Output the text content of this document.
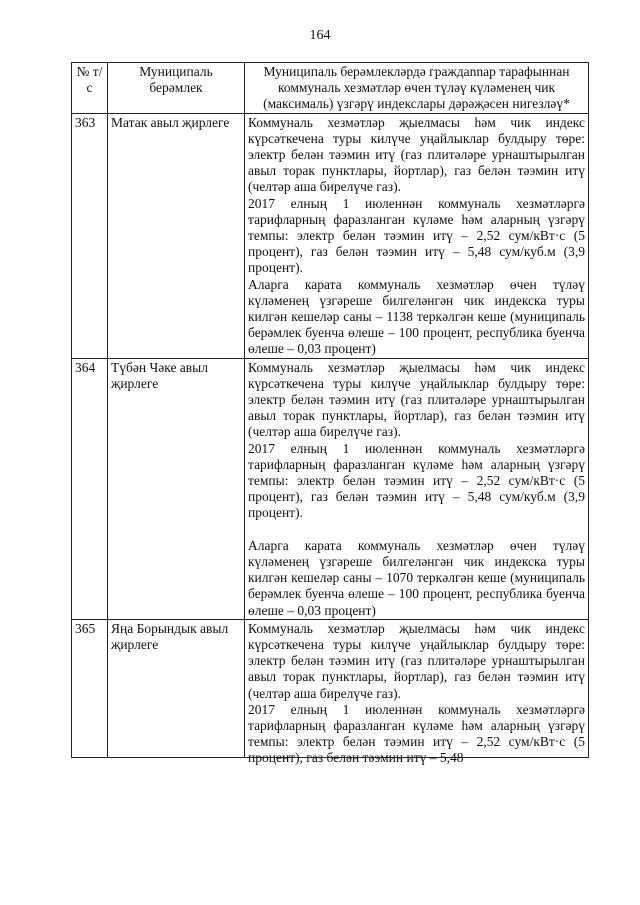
164
№ т/с	Муниципаль берәмлек	Муниципаль берәмлекләрдә граждannар тарафыннан коммуналь хезмәтләр өчен түләү күләменең чик (максималь) үзгәрү индекслары дәрәҗәсен нигезләү*
363	Матак авыл җирлеге	Коммуналь хезмәтләр җыелмасы һәм чик индекс күрсәткечена туры килүче уңайлыклар булдыру төре: электр белән тәэмин итү (газ плитәләре урнаштырылган авыл торак пунктлары, йортлар), газ белән тәэмин итү (челтәр аша бирелүче газ).

2017 елның 1 июленнән коммуналь хезмәтләргә тарифларның фаразланган күләме һәм аларның үзгәрү темпы: электр белән тәэмин итү – 2,52 сум/кВт·с (5 процент), газ белән тәэмин итү – 5,48 сум/куб.м (3,9 процент).

Аларга карата коммуналь хезмәтләр өчен түләү күләменең үзгәреше билгеләнгән чик индекска туры килгән кешеләр саны – 1138 теркәлгән кеше (муниципаль берәмлек буенча өлеше – 100 процент, республика буенча өлеше – 0,03 процент)

364	Түбән Чәке авыл җирлеге	Коммуналь хезмәтләр җыелмасы һәм чик индекс күрсәткечена туры килүче уңайлыклар булдыру төре: электр белән тәэмин итү (газ плитәләре урнаштырылган авыл торак пунктлары, йортлар), газ белән тәэмин итү (челтәр аша бирелүче газ).

2017 елның 1 июленнән коммуналь хезмәтләргә тарифларның фаразланган күләме һәм аларның үзгәрү темпы: электр белән тәэмин итү – 2,52 сум/кВт·с (5 процент), газ белән тәэмин итү – 5,48 сум/куб.м (3,9 процент).

Аларга карата коммуналь хезмәтләр өчен түләү күләменең үзгәреше билгеләнгән чик индекска туры килгән кешеләр саны – 1070 теркәлгән кеше (муниципаль берәмлек буенча өлеше – 100 процент, республика буенча өлеше – 0,03 процент)

365	Яңа Борындык авыл җирлеге	Коммуналь хезмәтләр җыелмасы һәм чик индекс күрсәткечена туры килүче уңайлыклар булдыру төре: электр белән тәэмин итү (газ плитәләре урнаштырылган авыл торак пунктлары, йортлар), газ белән тәэмин итү (челтәр аша бирелүче газ).

2017 елның 1 июленнән коммуналь хезмәтләргә тарифларның фаразланган күләме һәм аларның үзгәрү темпы: электр белән тәэмин итү – 2,52 сум/кВт·с (5 процент), газ белән тәэмин итү – 5,48
